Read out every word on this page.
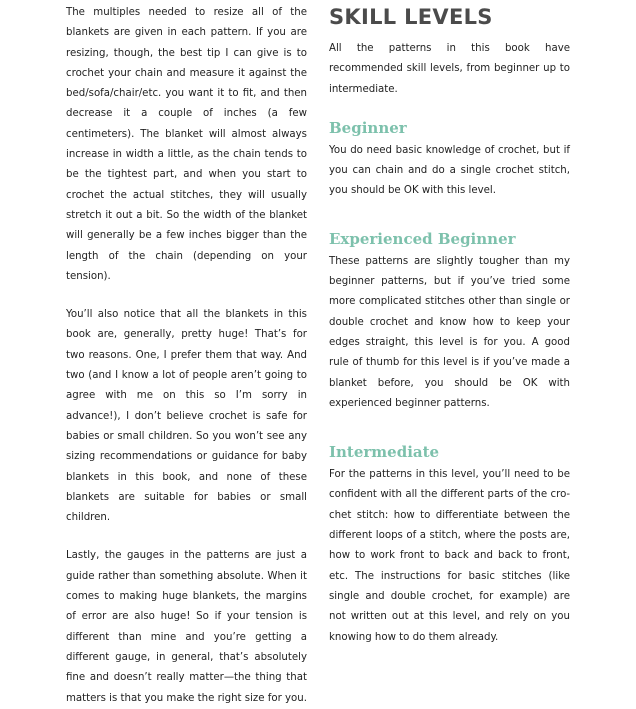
The multiples needed to resize all of the blankets are given in each pattern. If you are resizing, though, the best tip I can give is to crochet your chain and measure it against the bed/sofa/chair/etc. you want it to fit, and then decrease it a couple of inches (a few centimeters). The blanket will almost always increase in width a little, as the chain tends to be the tightest part, and when you start to crochet the actual stitches, they will usually stretch it out a bit. So the width of the blanket will generally be a few inches bigger than the length of the chain (depending on your tension).

You’ll also notice that all the blankets in this book are, generally, pretty huge! That’s for two reasons. One, I prefer them that way. And two (and I know a lot of people aren’t going to agree with me on this so I’m sorry in advance!), I don’t believe crochet is safe for babies or small children. So you won’t see any sizing recommendations or guidance for baby blankets in this book, and none of these blankets are suitable for babies or small children.

Lastly, the gauges in the patterns are just a guide rather than something absolute. When it comes to making huge blankets, the margins of error are also huge! So if your tension is different than mine and you’re getting a different gauge, in general, that’s absolutely fine and doesn’t really matter—the thing that matters is that you make the right size for you.

SKILL LEVELS

All the patterns in this book have recommended skill levels, from beginner up to intermediate.

Beginner

You do need basic knowledge of crochet, but if you can chain and do a single crochet stitch, you should be OK with this level.

Experienced Beginner

These patterns are slightly tougher than my beginner patterns, but if you’ve tried some more complicated stitches other than single or double crochet and know how to keep your edges straight, this level is for you. A good rule of thumb for this level is if you’ve made a blanket before, you should be OK with experienced beginner patterns.

Intermediate

For the patterns in this level, you’ll need to be confident with all the different parts of the crochet stitch: how to differentiate between the different loops of a stitch, where the posts are, how to work front to back and back to front, etc. The instructions for basic stitches (like single and double crochet, for example) are not written out at this level, and rely on you knowing how to do them already.
